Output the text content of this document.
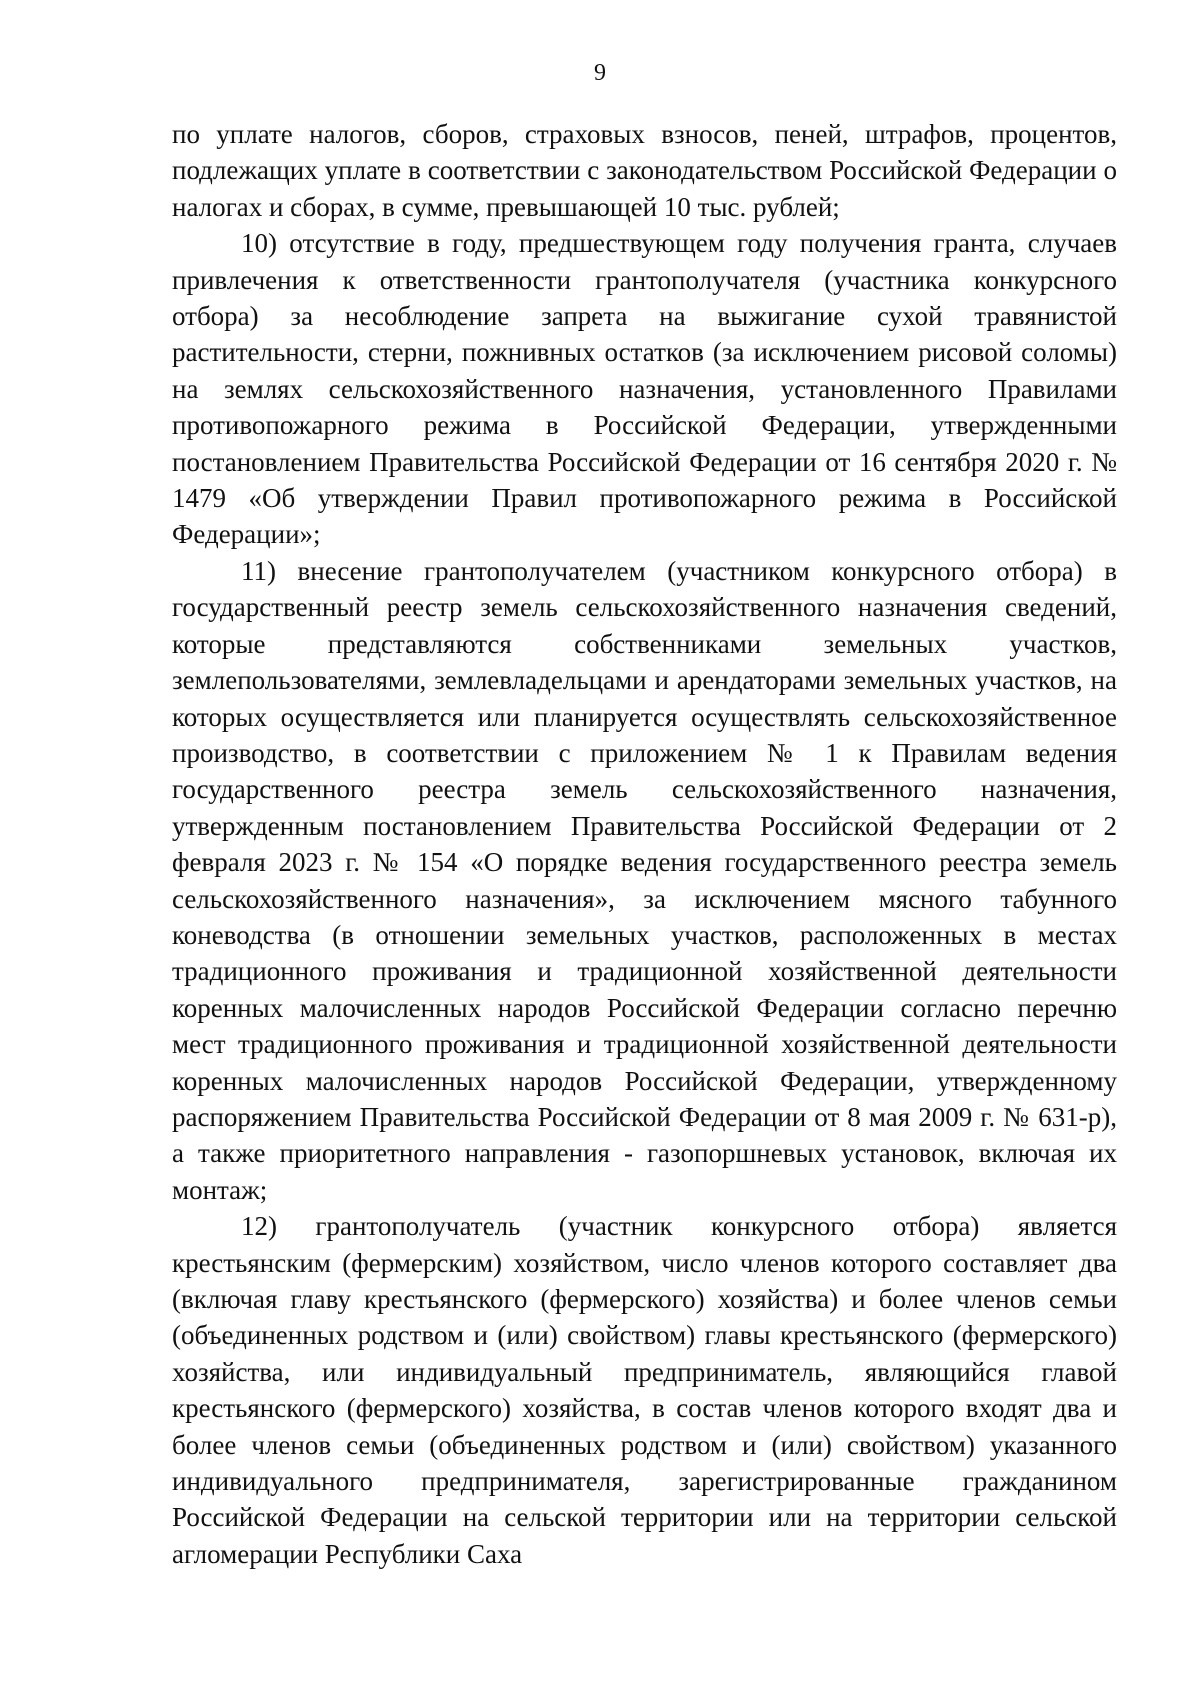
9

по уплате налогов, сборов, страховых взносов, пеней, штрафов, процентов, подлежащих уплате в соответствии с законодательством Российской Федерации о налогах и сборах, в сумме, превышающей 10 тыс. рублей;

10) отсутствие в году, предшествующем году получения гранта, случаев привлечения к ответственности грантополучателя (участника конкурсного отбора) за несоблюдение запрета на выжигание сухой травянистой растительности, стерни, пожнивных остатков (за исключением рисовой соломы) на землях сельскохозяйственного назначения, установленного Правилами противопожарного режима в Российской Федерации, утвержденными постановлением Правительства Российской Федерации от 16 сентября 2020 г. № 1479 «Об утверждении Правил противопожарного режима в Российской Федерации»;

11) внесение грантополучателем (участником конкурсного отбора) в государственный реестр земель сельскохозяйственного назначения сведений, которые представляются собственниками земельных участков, землепользователями, землевладельцами и арендаторами земельных участков, на которых осуществляется или планируется осуществлять сельскохозяйственное производство, в соответствии с приложением № 1 к Правилам ведения государственного реестра земель сельскохозяйственного назначения, утвержденным постановлением Правительства Российской Федерации от 2 февраля 2023 г. № 154 «О порядке ведения государственного реестра земель сельскохозяйственного назначения», за исключением мясного табунного коневодства (в отношении земельных участков, расположенных в местах традиционного проживания и традиционной хозяйственной деятельности коренных малочисленных народов Российской Федерации согласно перечню мест традиционного проживания и традиционной хозяйственной деятельности коренных малочисленных народов Российской Федерации, утвержденному распоряжением Правительства Российской Федерации от 8 мая 2009 г. № 631-р), а также приоритетного направления - газопоршневых установок, включая их монтаж;

12) грантополучатель (участник конкурсного отбора) является крестьянским (фермерским) хозяйством, число членов которого составляет два (включая главу крестьянского (фермерского) хозяйства) и более членов семьи (объединенных родством и (или) свойством) главы крестьянского (фермерского) хозяйства, или индивидуальный предприниматель, являющийся главой крестьянского (фермерского) хозяйства, в состав членов которого входят два и более членов семьи (объединенных родством и (или) свойством) указанного индивидуального предпринимателя, зарегистрированные гражданином Российской Федерации на сельской территории или на территории сельской агломерации Республики Саха
